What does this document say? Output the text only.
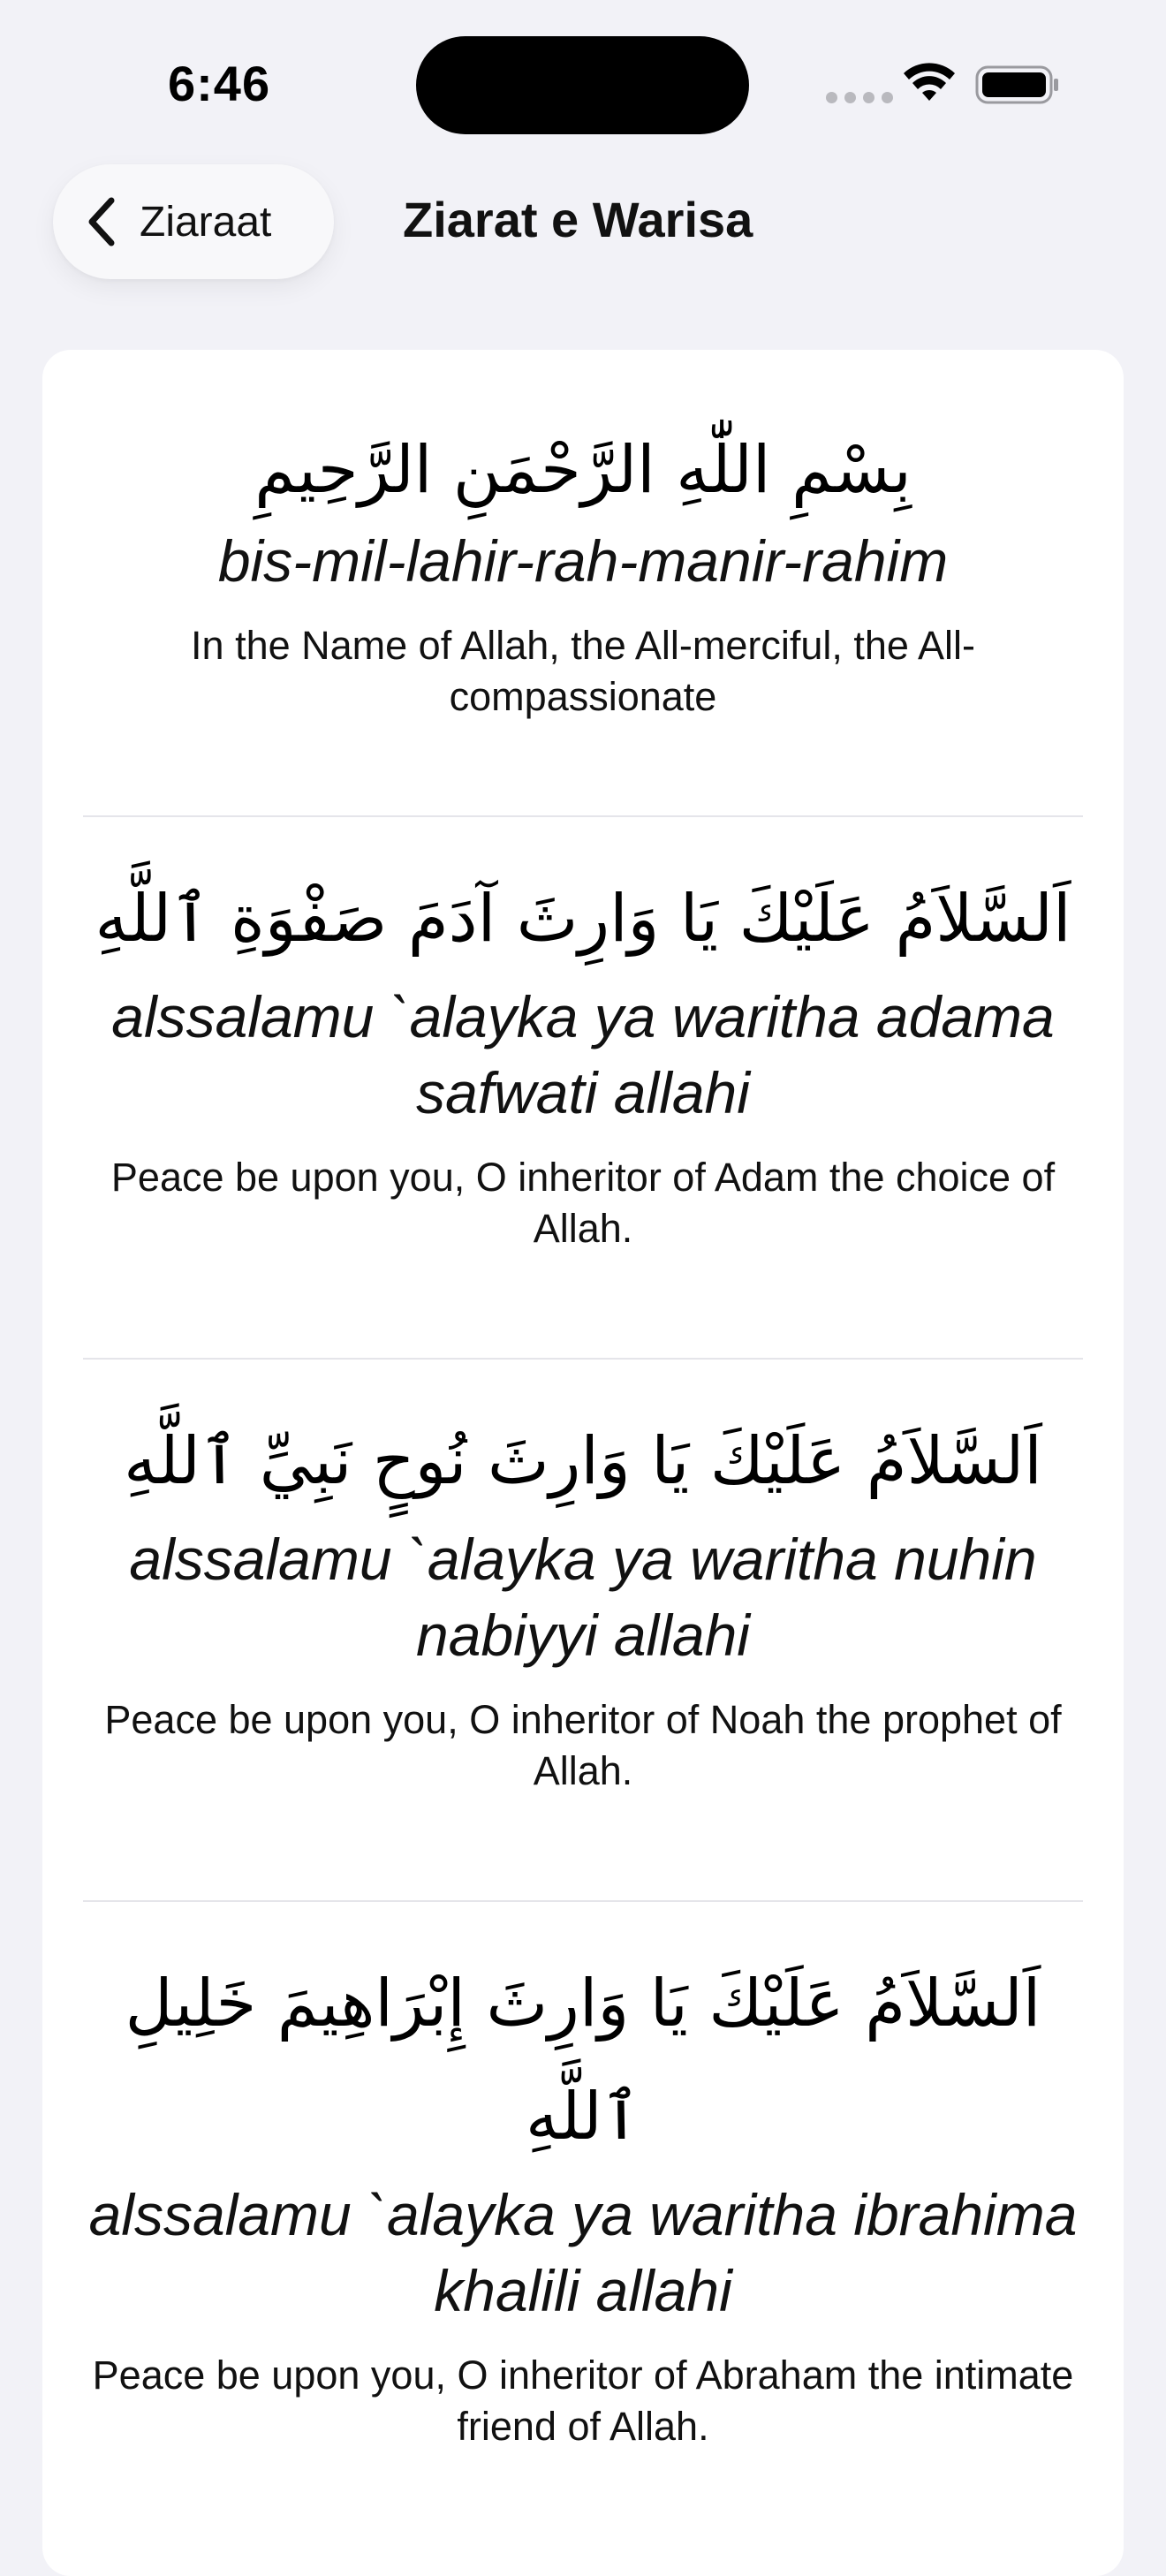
6:46
Ziaraat	Ziarat e Warisa

بِسْمِ اللّٰهِ الرَّحْمَنِ الرَّحِيمِ

bis-mil-lahir-rah-manir-rahim

In the Name of Allah, the All-merciful, the All-compassionate

اَلسَّلاَمُ عَلَيْكَ يَا وَارِثَ آدَمَ صَفْوَةِ ٱللَّهِ

alssalamu `alayka ya waritha adama safwati allahi

Peace be upon you, O inheritor of Adam the choice of Allah.

اَلسَّلاَمُ عَلَيْكَ يَا وَارِثَ نُوحٍ نَبِيِّ ٱللَّهِ

alssalamu `alayka ya waritha nuhin nabiyyi allahi

Peace be upon you, O inheritor of Noah the prophet of Allah.

اَلسَّلاَمُ عَلَيْكَ يَا وَارِثَ إِبْرَاهِيمَ خَلِيلِ ٱللَّهِ

alssalamu `alayka ya waritha ibrahima khalili allahi

Peace be upon you, O inheritor of Abraham the intimate friend of Allah.
